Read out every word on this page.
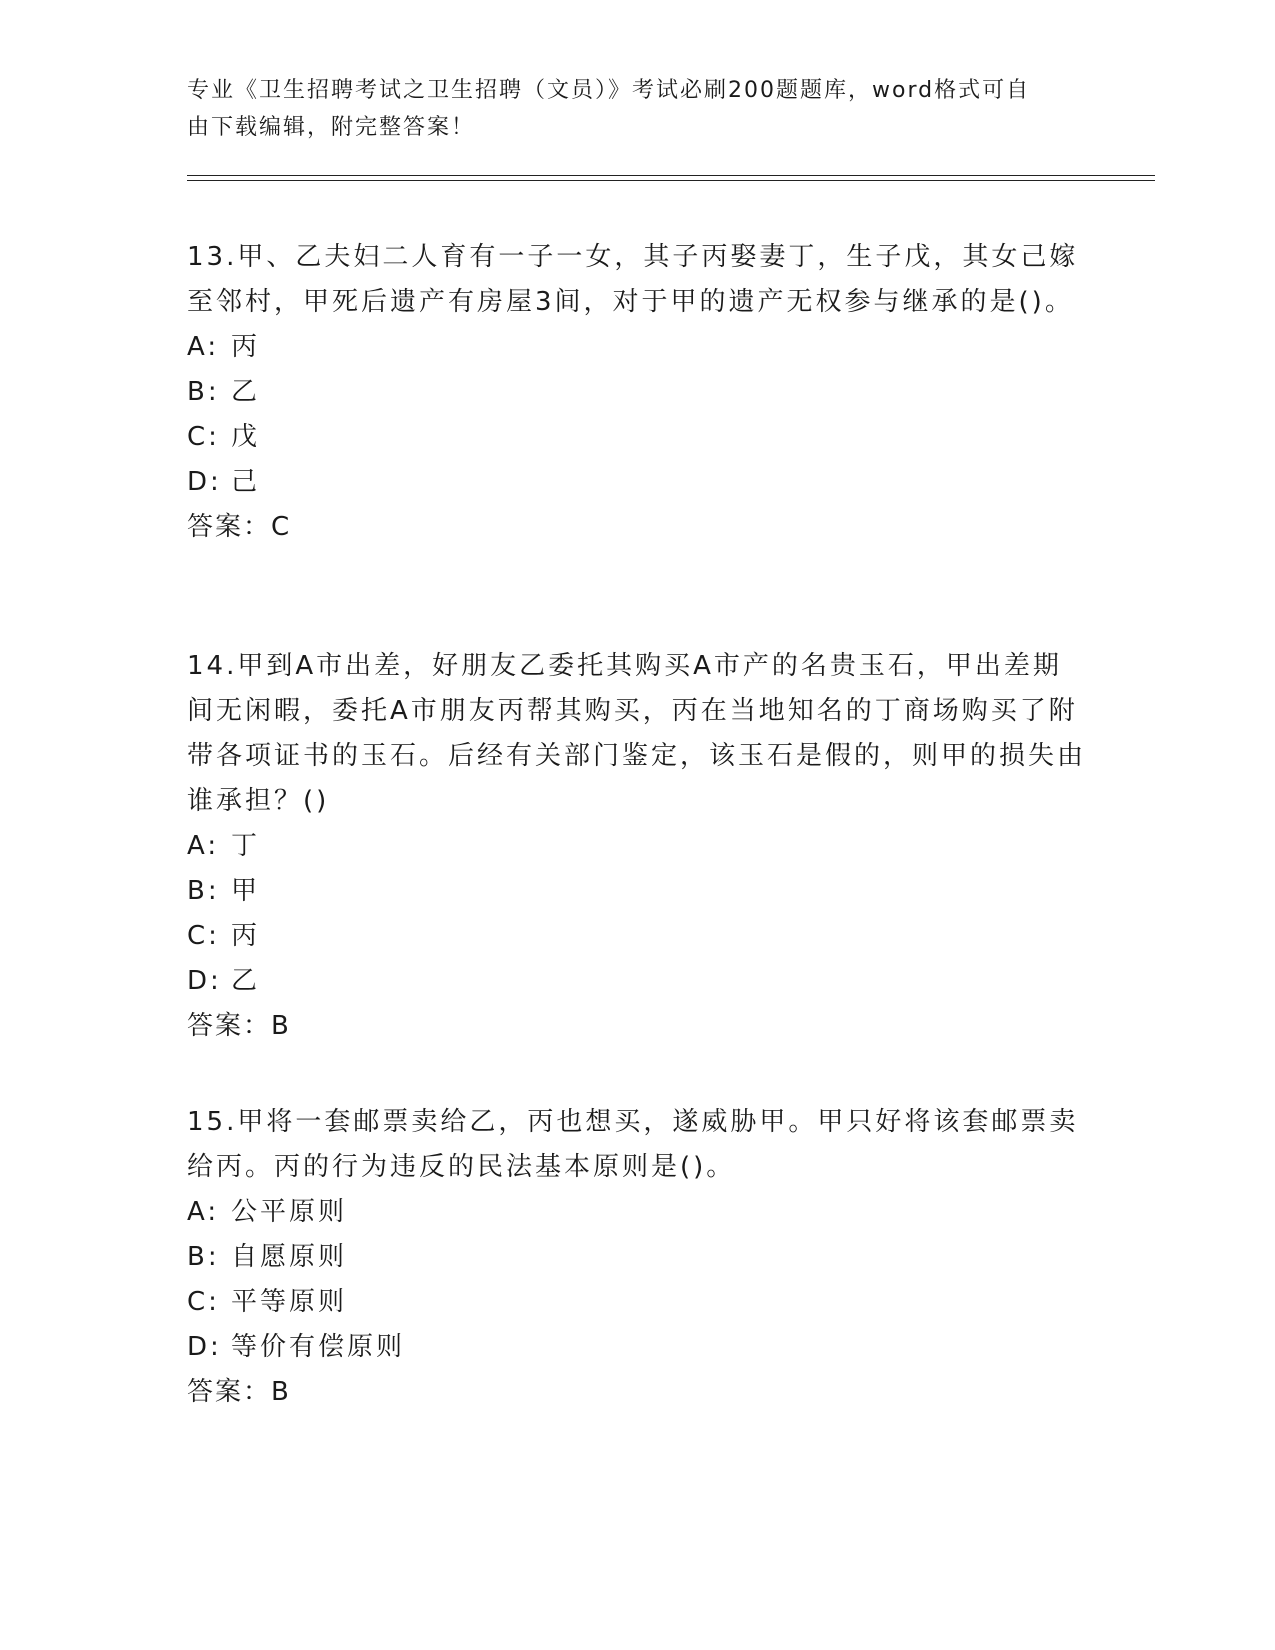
专业《卫生招聘考试之卫生招聘（文员）》考试必刷200题题库，word格式可自
由下载编辑，附完整答案！

13.甲、乙夫妇二人育有一子一女，其子丙娶妻丁，生子戊，其女己嫁至邻村，甲死后遗产有房屋3间，对于甲的遗产无权参与继承的是()。

A: 丙

B: 乙

C: 戊

D: 己

答案：C

14.甲到A市出差，好朋友乙委托其购买A市产的名贵玉石，甲出差期间无闲暇，委托A市朋友丙帮其购买，丙在当地知名的丁商场购买了附带各项证书的玉石。后经有关部门鉴定，该玉石是假的，则甲的损失由谁承担？()

A: 丁

B: 甲

C: 丙

D: 乙

答案：B

15.甲将一套邮票卖给乙，丙也想买，遂威胁甲。甲只好将该套邮票卖给丙。丙的行为违反的民法基本原则是()。

A: 公平原则

B: 自愿原则

C: 平等原则

D: 等价有偿原则

答案：B
